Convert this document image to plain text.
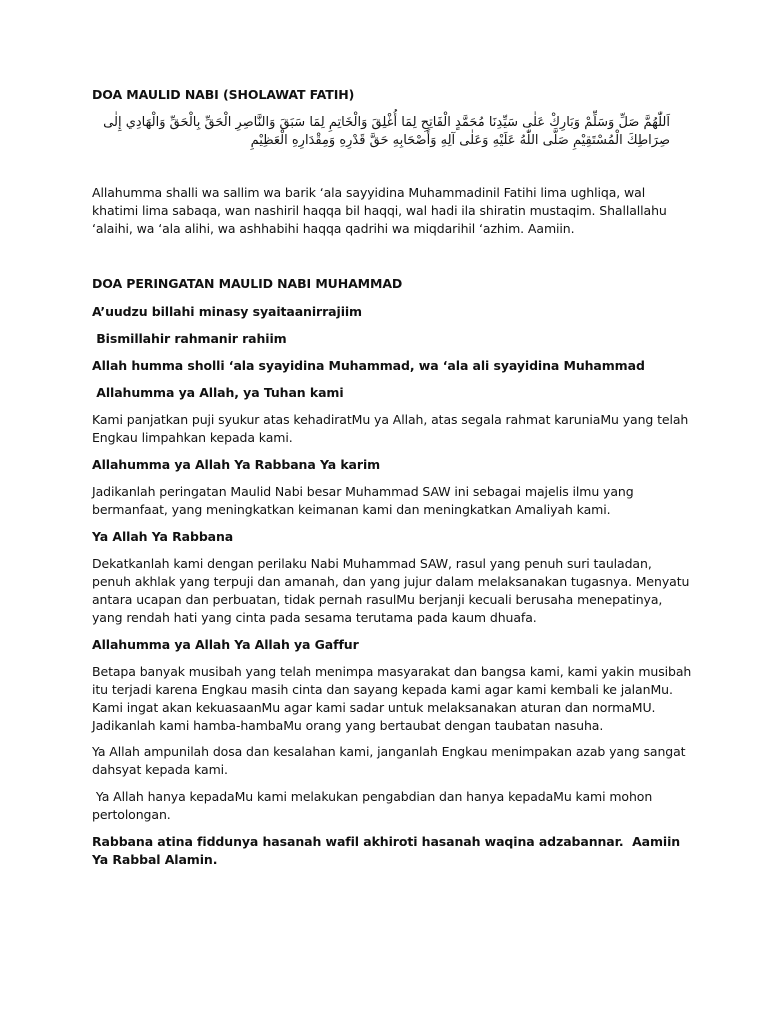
DOA MAULID NABI (SHOLAWAT FATIH)

اَللّٰهُمَّ صَلِّ وَسَلِّمْ وَبَارِكْ عَلٰى سَيِّدِنَا مُحَمَّدٍ الْفَاتِحِ لِمَا أُغْلِقَ وَالْخَاتِمِ لِمَا سَبَقَ وَالنَّاصِرِ الْحَقِّ بِالْحَقِّ وَالْهَادِي إِلٰى صِرَاطِكَ الْمُسْتَقِيْمِ صَلَّى اللّٰهُ عَلَيْهِ وَعَلٰى آلِهِ وَأَصْحَابِهِ حَقَّ قَدْرِهِ وَمِقْدَارِهِ الْعَظِيْمِ

Allahumma shalli wa sallim wa barik ‘ala sayyidina Muhammadinil Fatihi lima ughliqa, wal khatimi lima sabaqa, wan nashiril haqqa bil haqqi, wal hadi ila shiratin mustaqim. Shallallahu ‘alaihi, wa ‘ala alihi, wa ashhabihi haqqa qadrihi wa miqdarihil ‘azhim. Aamiin.

DOA PERINGATAN MAULID NABI MUHAMMAD

A’uudzu billahi minasy syaitaanirrajiim

Bismillahir rahmanir rahiim

Allah humma sholli ‘ala syayidina Muhammad, wa ‘ala ali syayidina Muhammad

Allahumma ya Allah, ya Tuhan kami

Kami panjatkan puji syukur atas kehadiratMu ya Allah, atas segala rahmat karuniaMu yang telah Engkau limpahkan kepada kami.

Allahumma ya Allah Ya Rabbana Ya karim

Jadikanlah peringatan Maulid Nabi besar Muhammad SAW ini sebagai majelis ilmu yang bermanfaat, yang meningkatkan keimanan kami dan meningkatkan Amaliyah kami.

Ya Allah Ya Rabbana

Dekatkanlah kami dengan perilaku Nabi Muhammad SAW, rasul yang penuh suri tauladan, penuh akhlak yang terpuji dan amanah, dan yang jujur dalam melaksanakan tugasnya. Menyatu antara ucapan dan perbuatan, tidak pernah rasulMu berjanji kecuali berusaha menepatinya, yang rendah hati yang cinta pada sesama terutama pada kaum dhuafa.

Allahumma ya Allah Ya Allah ya Gaffur

Betapa banyak musibah yang telah menimpa masyarakat dan bangsa kami, kami yakin musibah itu terjadi karena Engkau masih cinta dan sayang kepada kami agar kami kembali ke jalanMu. Kami ingat akan kekuasaanMu agar kami sadar untuk melaksanakan aturan dan normaMU. Jadikanlah kami hamba-hambaMu orang yang bertaubat dengan taubatan nasuha.

Ya Allah ampunilah dosa dan kesalahan kami, janganlah Engkau menimpakan azab yang sangat dahsyat kepada kami.

Ya Allah hanya kepadaMu kami melakukan pengabdian dan hanya kepadaMu kami mohon pertolongan.

Rabbana atina fiddunya hasanah wafil akhiroti hasanah waqina adzabannar.  Aamiin Ya Rabbal Alamin.
